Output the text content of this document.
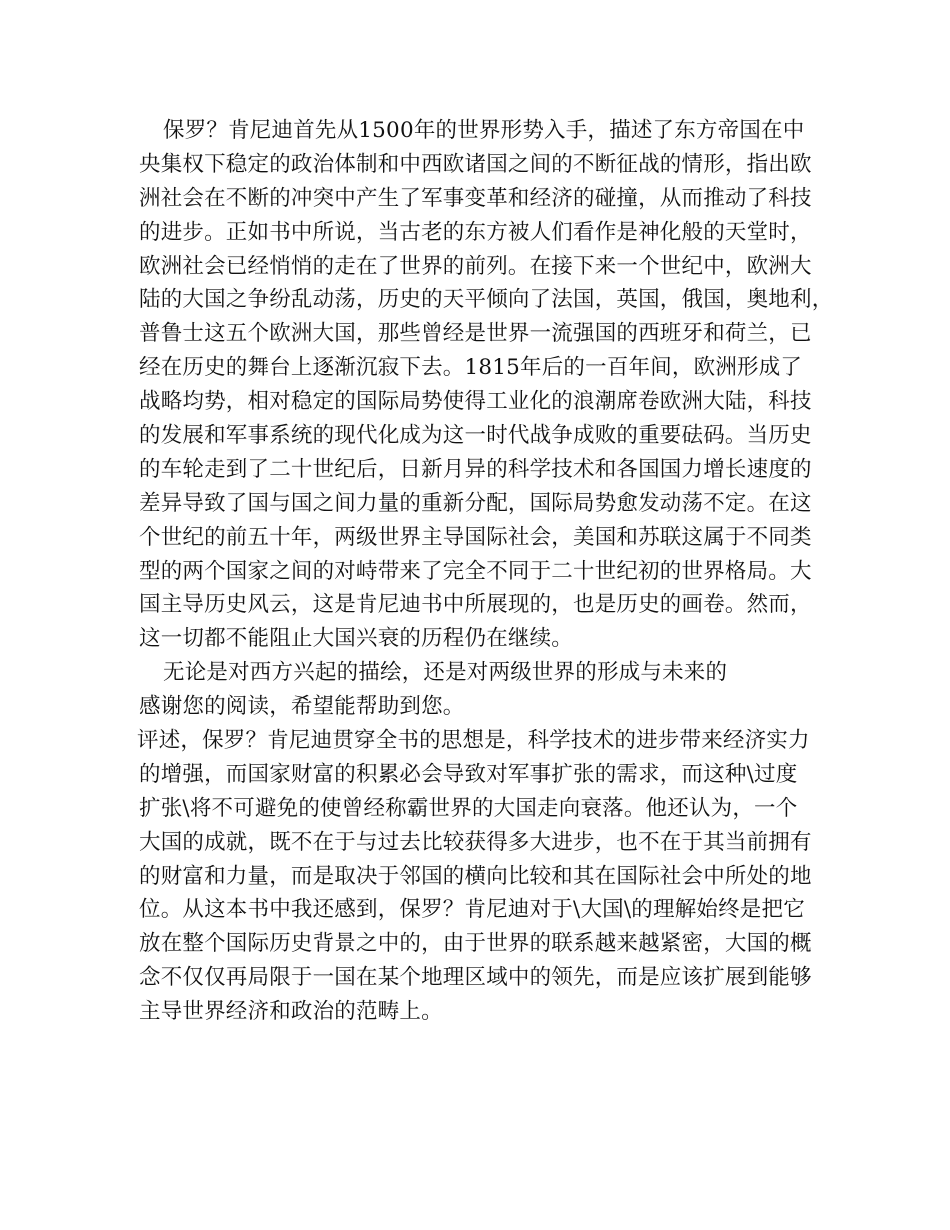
保罗？肯尼迪首先从1500年的世界形势入手，描述了东方帝国在中
央集权下稳定的政治体制和中西欧诸国之间的不断征战的情形，指出欧
洲社会在不断的冲突中产生了军事变革和经济的碰撞，从而推动了科技
的进步。正如书中所说，当古老的东方被人们看作是神化般的天堂时，
欧洲社会已经悄悄的走在了世界的前列。在接下来一个世纪中，欧洲大
陆的大国之争纷乱动荡，历史的天平倾向了法国，英国，俄国，奥地利，
普鲁士这五个欧洲大国，那些曾经是世界一流强国的西班牙和荷兰，已
经在历史的舞台上逐渐沉寂下去。1815年后的一百年间，欧洲形成了
战略均势，相对稳定的国际局势使得工业化的浪潮席卷欧洲大陆，科技
的发展和军事系统的现代化成为这一时代战争成败的重要砝码。当历史
的车轮走到了二十世纪后，日新月异的科学技术和各国国力增长速度的
差异导致了国与国之间力量的重新分配，国际局势愈发动荡不定。在这
个世纪的前五十年，两级世界主导国际社会，美国和苏联这属于不同类
型的两个国家之间的对峙带来了完全不同于二十世纪初的世界格局。大
国主导历史风云，这是肯尼迪书中所展现的，也是历史的画卷。然而，
这一切都不能阻止大国兴衰的历程仍在继续。
无论是对西方兴起的描绘，还是对两级世界的形成与未来的
感谢您的阅读，希望能帮助到您。
评述，保罗？肯尼迪贯穿全书的思想是，科学技术的进步带来经济实力
的增强，而国家财富的积累必会导致对军事扩张的需求，而这种\过度
扩张\将不可避免的使曾经称霸世界的大国走向衰落。他还认为，一个
大国的成就，既不在于与过去比较获得多大进步，也不在于其当前拥有
的财富和力量，而是取决于邻国的横向比较和其在国际社会中所处的地
位。从这本书中我还感到，保罗？肯尼迪对于\大国\的理解始终是把它
放在整个国际历史背景之中的，由于世界的联系越来越紧密，大国的概
念不仅仅再局限于一国在某个地理区域中的领先，而是应该扩展到能够
主导世界经济和政治的范畴上。
